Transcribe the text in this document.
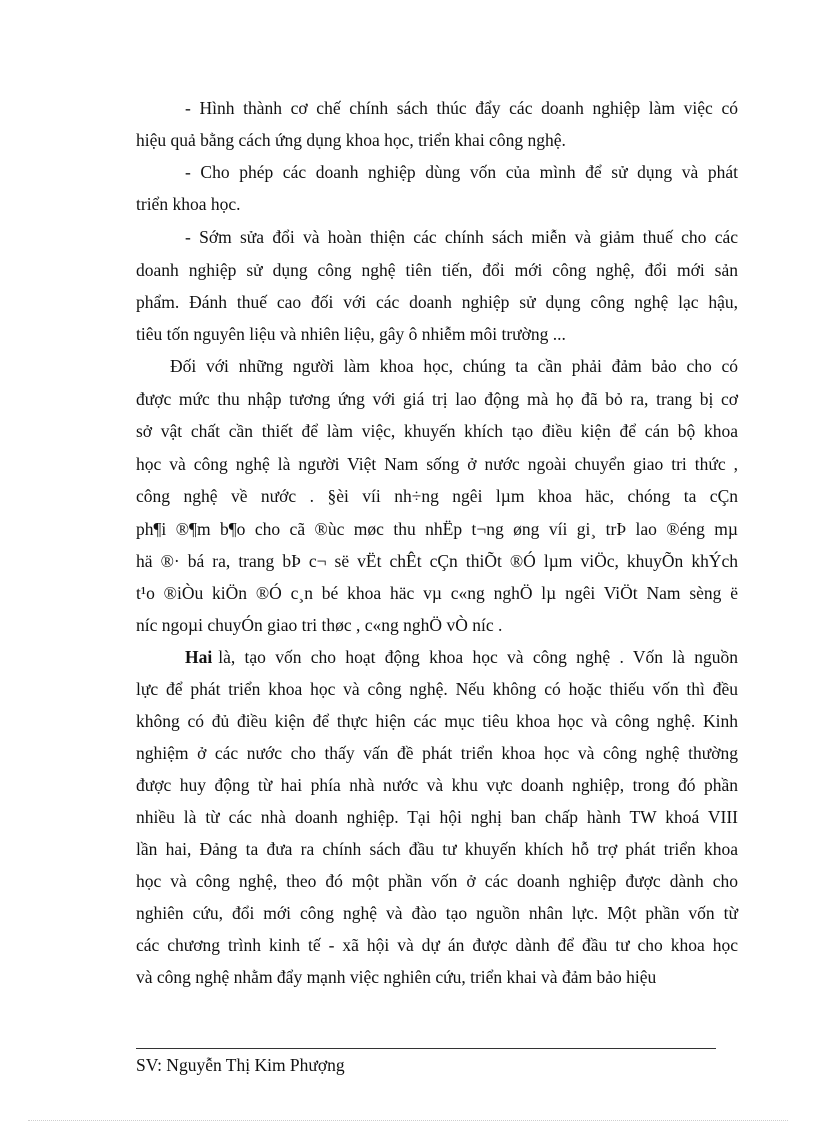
- Hình thành cơ chế chính sách thúc đẩy các doanh nghiệp làm việc có
hiệu quả bằng cách ứng dụng khoa học, triển khai công nghệ.
- Cho phép các doanh nghiệp dùng vốn của mình để sử dụng và phát
triển khoa học.
- Sớm sửa đổi và hoàn thiện các chính sách miễn và giảm thuế cho các
doanh nghiệp sử dụng công nghệ tiên tiến, đổi mới công nghệ, đổi mới sản
phẩm. Đánh thuế cao đối với các doanh nghiệp sử dụng công nghệ lạc hậu,
tiêu tốn nguyên liệu và nhiên liệu, gây ô nhiễm môi trường ...
Đối với những người làm khoa học, chúng ta cần phải đảm bảo cho có
được mức thu nhập tương ứng với giá trị lao động mà họ đã bỏ ra, trang bị cơ
sở vật chất cần thiết để làm việc, khuyến khích tạo điều kiện để cán bộ khoa
học và công nghệ là người Việt Nam sống ở nước ngoài chuyển giao tri thức ,
công nghệ về nước . §èi víi nh÷ng ngêi lµm khoa häc, chóng ta cÇn
ph¶i ®¶m b¶o cho cã ®ùc møc thu nhËp t¬ng øng víi gi¸ trÞ lao ®éng mµ
hä ®· bá ra, trang bÞ c¬ së vËt chÊt cÇn thiÕt ®Ó lµm viÖc, khuyÕn khÝch
t¹o ®iÒu kiÖn ®Ó c¸n bé khoa häc vµ c«ng nghÖ lµ ngêi ViÖt Nam sèng ë
níc ngoµi chuyÓn giao tri thøc , c«ng nghÖ vÒ níc .
Hai là, tạo vốn cho hoạt động khoa học và công nghệ . Vốn là nguồn
lực để phát triển khoa học và công nghệ. Nếu không có hoặc thiếu vốn thì đều
không có đủ điều kiện để thực hiện các mục tiêu khoa học và công nghệ. Kinh
nghiệm ở các nước cho thấy vấn đề phát triển khoa học và công nghệ thường
được huy động từ hai phía nhà nước và khu vực doanh nghiệp, trong đó phần
nhiều là từ các nhà doanh nghiệp. Tại hội nghị ban chấp hành TW khoá VIII
lần hai, Đảng ta đưa ra chính sách đầu tư khuyến khích hỗ trợ phát triển khoa
học và công nghệ, theo đó một phần vốn ở các doanh nghiệp được dành cho
nghiên cứu, đổi mới công nghệ và đào tạo nguồn nhân lực. Một phần vốn từ
các chương trình kinh tế - xã hội và dự án được dành để đầu tư cho khoa học
và công nghệ nhằm đẩy mạnh việc nghiên cứu, triển khai và đảm bảo hiệu
SV: Nguyễn Thị Kim Phượng
